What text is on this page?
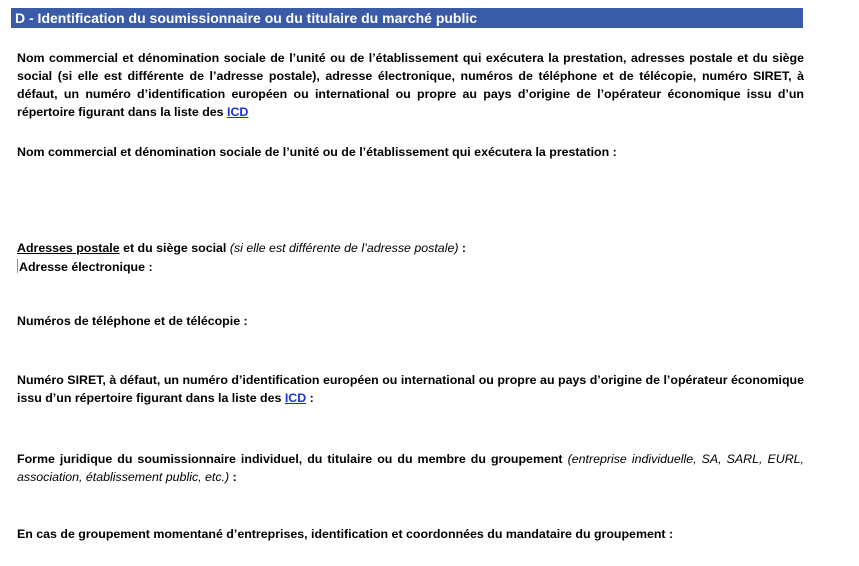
D - Identification du soumissionnaire ou du titulaire du marché public
Nom commercial et dénomination sociale de l’unité ou de l’établissement qui exécutera la prestation, adresses postale et du siège social (si elle est différente de l’adresse postale), adresse électronique, numéros de téléphone et de télécopie, numéro SIRET, à défaut, un numéro d’identification européen ou international ou propre au pays d’origine de l’opérateur économique issu d’un répertoire figurant dans la liste des ICD
Nom commercial et dénomination sociale de l’unité ou de l’établissement qui exécutera la prestation :
Adresses postale et du siège social (si elle est différente de l’adresse postale) :
Adresse électronique :
Numéros de téléphone et de télécopie :
Numéro SIRET, à défaut, un numéro d’identification européen ou international ou propre au pays d’origine de l’opérateur économique issu d’un répertoire figurant dans la liste des ICD :
Forme juridique du soumissionnaire individuel, du titulaire ou du membre du groupement (entreprise individuelle, SA, SARL, EURL, association, établissement public, etc.) :
En cas de groupement momentané d’entreprises, identification et coordonnées du mandataire du groupement :
